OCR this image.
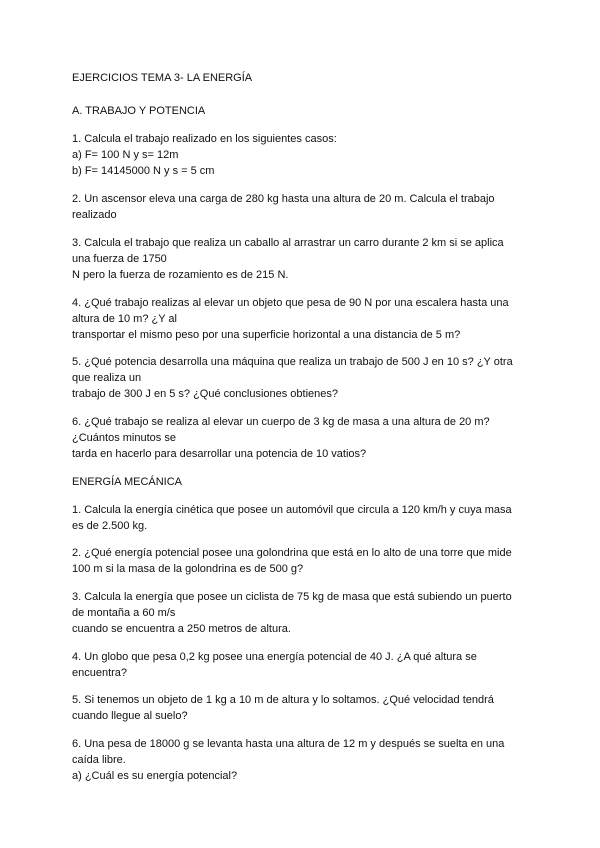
EJERCICIOS TEMA 3- LA ENERGÍA
A. TRABAJO Y POTENCIA
1. Calcula el trabajo realizado en los siguientes casos:
a) F= 100 N y s= 12m
b) F= 14145000 N y s = 5 cm
2. Un ascensor eleva una carga de 280 kg hasta una altura de 20 m. Calcula el trabajo
realizado
3. Calcula el trabajo que realiza un caballo al arrastrar un carro durante 2 km si se aplica
una fuerza de 1750
N pero la fuerza de rozamiento es de 215 N.
4. ¿Qué trabajo realizas al elevar un objeto que pesa de 90 N por una escalera hasta una
altura de 10 m? ¿Y al
transportar el mismo peso por una superficie horizontal a una distancia de 5 m?
5. ¿Qué potencia desarrolla una máquina que realiza un trabajo de 500 J en 10 s? ¿Y otra
que realiza un
trabajo de 300 J en 5 s? ¿Qué conclusiones obtienes?
6. ¿Qué trabajo se realiza al elevar un cuerpo de 3 kg de masa a una altura de 20 m?
¿Cuántos minutos se
tarda en hacerlo para desarrollar una potencia de 10 vatios?
ENERGÍA MECÁNICA
1. Calcula la energía cinética que posee un automóvil que circula a 120 km/h y cuya masa
es de 2.500 kg.
2. ¿Qué energía potencial posee una golondrina que está en lo alto de una torre que mide
100 m si la masa de la golondrina es de 500 g?
3. Calcula la energía que posee un ciclista de 75 kg de masa que está subiendo un puerto
de montaña a 60 m/s
cuando se encuentra a 250 metros de altura.
4. Un globo que pesa 0,2 kg posee una energía potencial de 40 J. ¿A qué altura se
encuentra?
5. Si tenemos un objeto de 1 kg a 10 m de altura y lo soltamos. ¿Qué velocidad tendrá
cuando llegue al suelo?
6. Una pesa de 18000 g se levanta hasta una altura de 12 m y después se suelta en una
caída libre.
a) ¿Cuál es su energía potencial?
